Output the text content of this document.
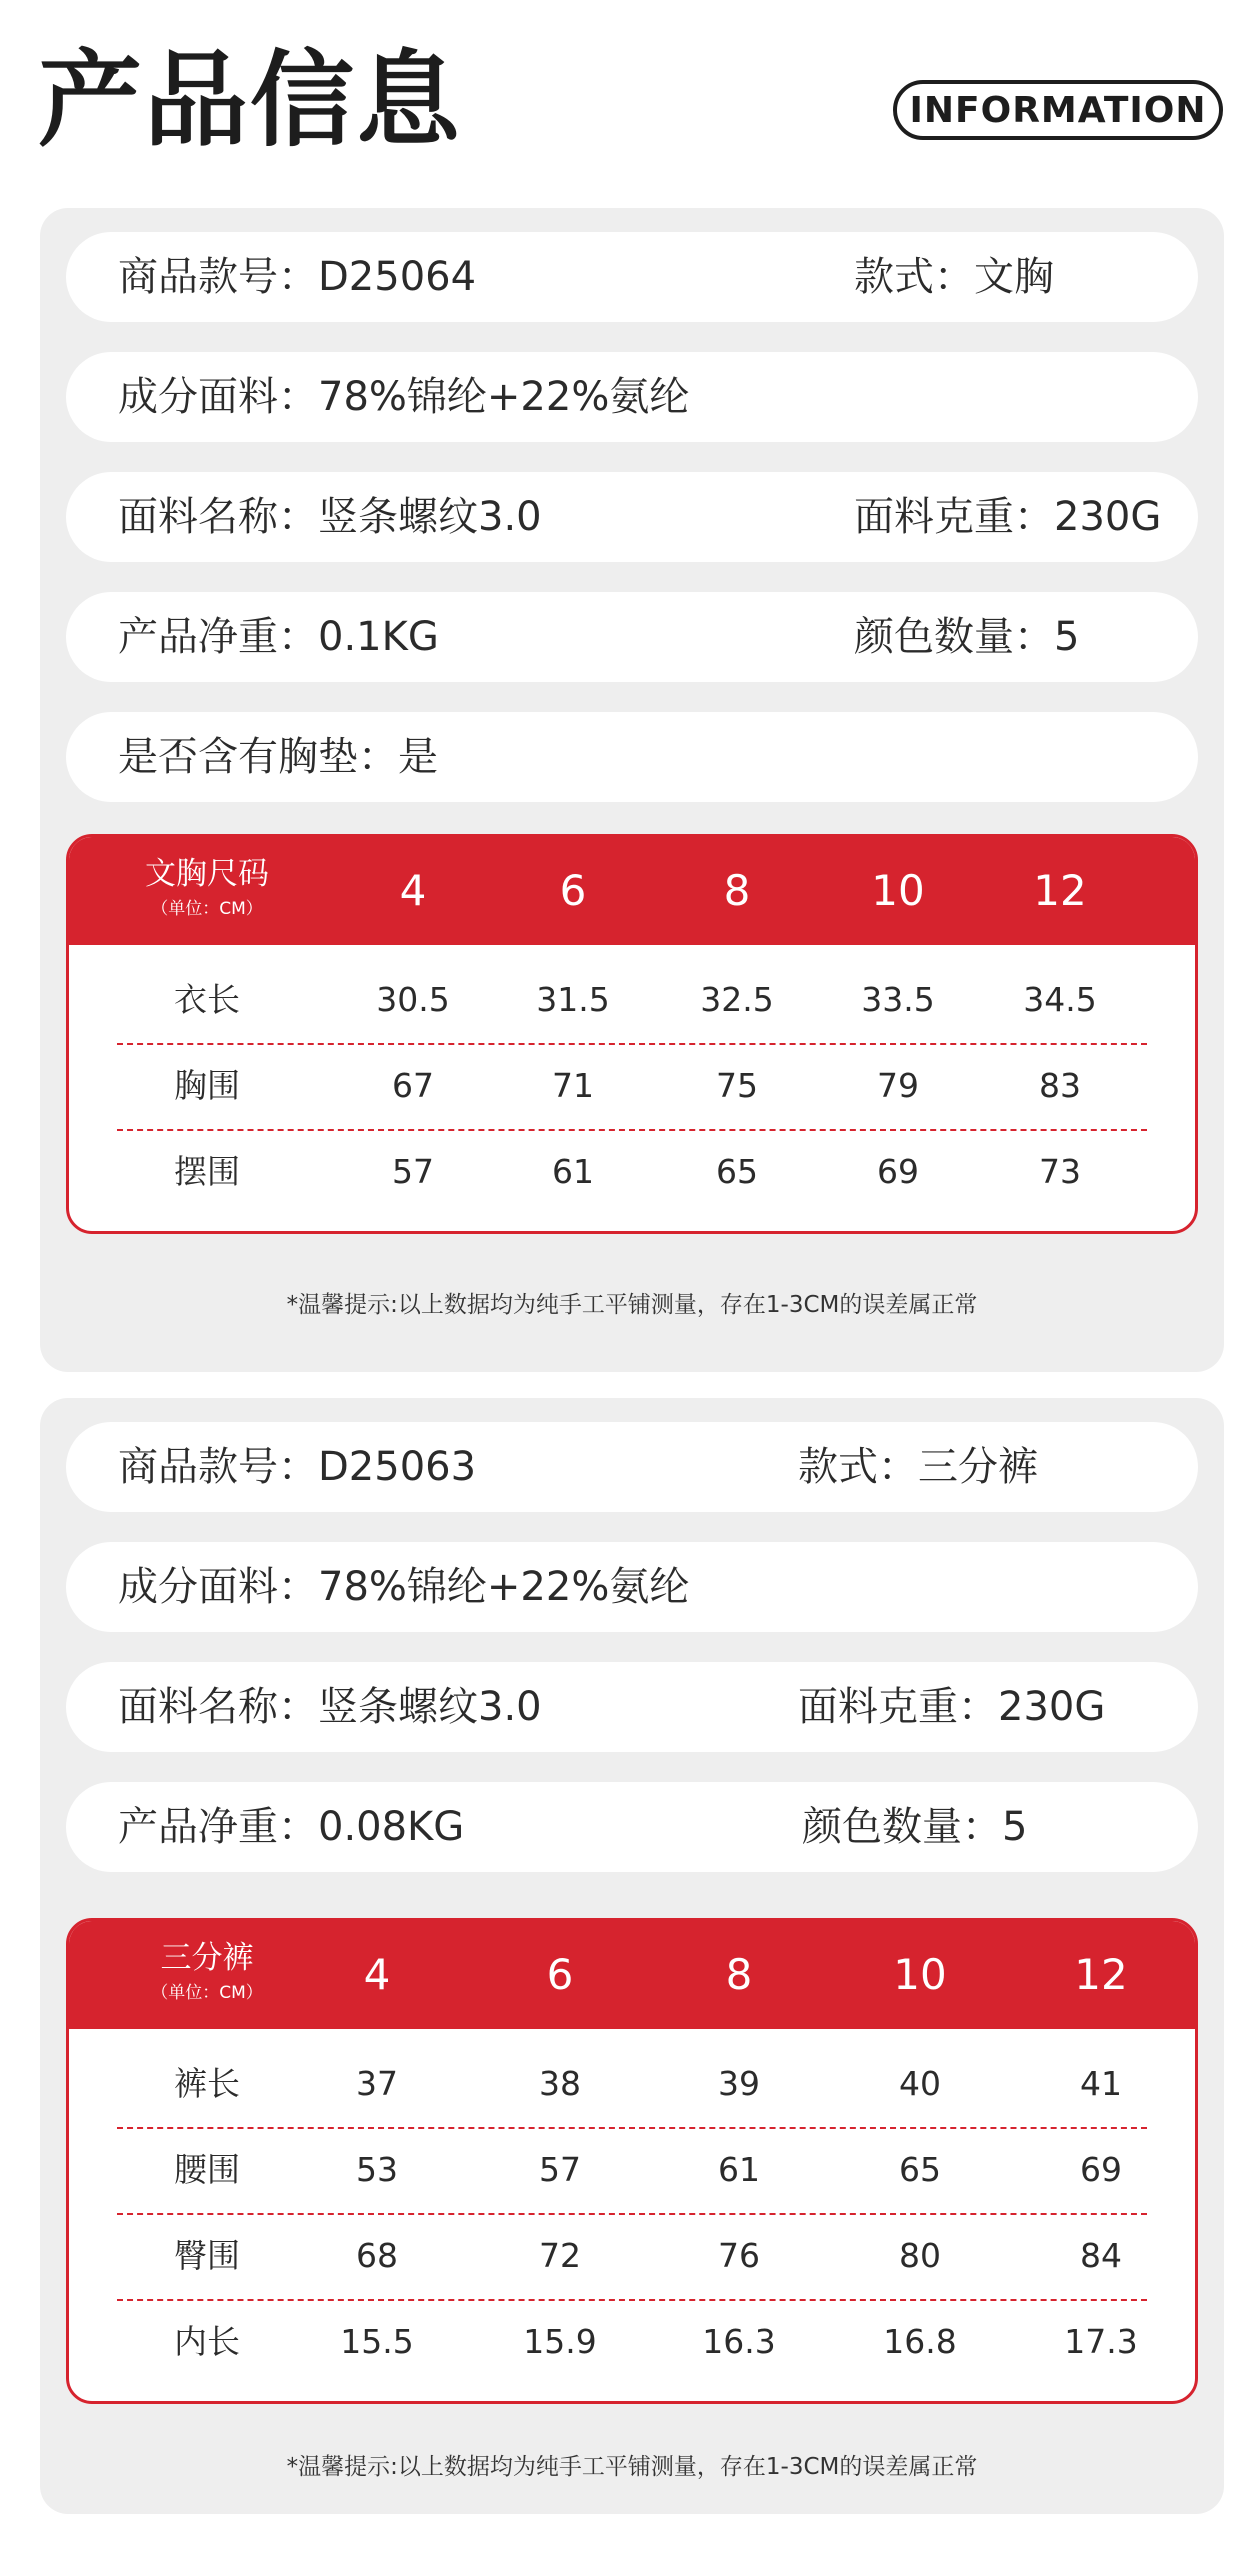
产品信息	INFORMATION
商品款号：D25064	款式：文胸
成分面料：78%锦纶+22%氨纶
面料名称：竖条螺纹3.0	面料克重：230G
产品净重：0.1KG	颜色数量：5
是否含有胸垫：是
文胸尺码
（单位：CM）	4	6	8	10	12
衣长	30.5	31.5	32.5	33.5	34.5
胸围	67	71	75	79	83
摆围	57	61	65	69	73
*温馨提示:以上数据均为纯手工平铺测量，存在1-3CM的误差属正常
商品款号：D25063	款式：三分裤
成分面料：78%锦纶+22%氨纶
面料名称：竖条螺纹3.0	面料克重：230G
产品净重：0.08KG	颜色数量：5
三分裤
（单位：CM）	4	6	8	10	12
裤长	37	38	39	40	41
腰围	53	57	61	65	69
臀围	68	72	76	80	84
内长	15.5	15.9	16.3	16.8	17.3
*温馨提示:以上数据均为纯手工平铺测量，存在1-3CM的误差属正常
